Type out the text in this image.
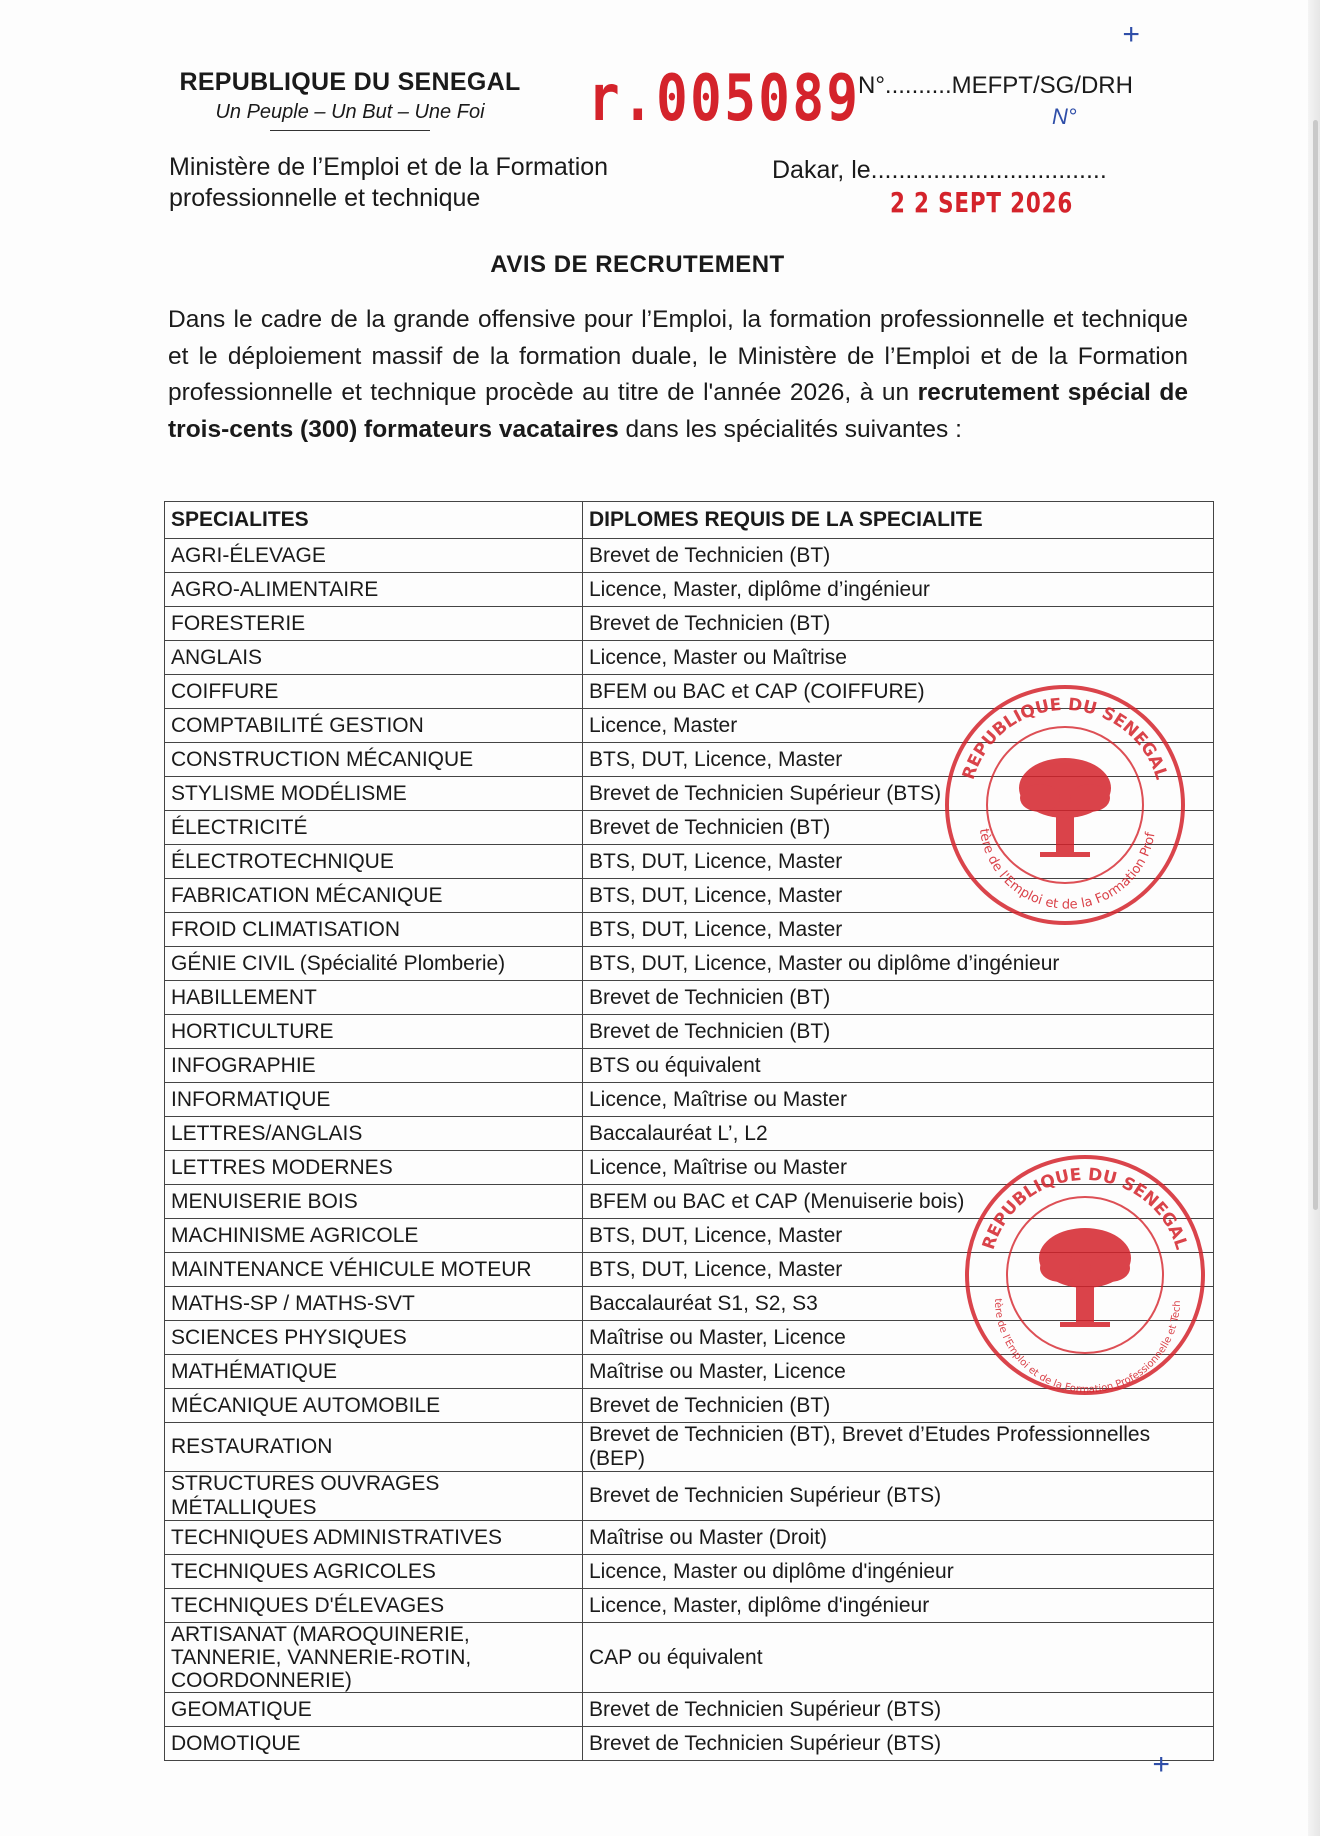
REPUBLIQUE DU SENEGAL
Un Peuple – Un But – Une Foi
Ministère de l’Emploi et de la Formation
professionnelle et technique
r.005089
N°..........MEFPT/SG/DRH
+
N°
Dakar, le..................................
2 2 SEPT 2026
AVIS DE RECRUTEMENT
Dans le cadre de la grande offensive pour l’Emploi, la formation professionnelle et technique et le déploiement massif de la formation duale, le Ministère de l’Emploi et de la Formation professionnelle et technique procède au titre de l'année 2026, à un recrutement spécial de trois-cents (300) formateurs vacataires dans les spécialités suivantes :
SPECIALITES	DIPLOMES REQUIS DE LA SPECIALITE
AGRI-ÉLEVAGE	Brevet de Technicien (BT)
AGRO-ALIMENTAIRE	Licence, Master, diplôme d’ingénieur
FORESTERIE	Brevet de Technicien (BT)
ANGLAIS	Licence, Master ou Maîtrise
COIFFURE	BFEM ou BAC et CAP (COIFFURE)
COMPTABILITÉ GESTION	Licence, Master
CONSTRUCTION MÉCANIQUE	BTS, DUT, Licence, Master
STYLISME MODÉLISME	Brevet de Technicien Supérieur (BTS)
ÉLECTRICITÉ	Brevet de Technicien (BT)
ÉLECTROTECHNIQUE	BTS, DUT, Licence, Master
FABRICATION MÉCANIQUE	BTS, DUT, Licence, Master
FROID CLIMATISATION	BTS, DUT, Licence, Master
GÉNIE CIVIL (Spécialité Plomberie)	BTS, DUT, Licence, Master ou diplôme d’ingénieur
HABILLEMENT	Brevet de Technicien (BT)
HORTICULTURE	Brevet de Technicien (BT)
INFOGRAPHIE	BTS ou équivalent
INFORMATIQUE	Licence, Maîtrise ou Master
LETTRES/ANGLAIS	Baccalauréat L’, L2
LETTRES MODERNES	Licence, Maîtrise ou Master
MENUISERIE BOIS	BFEM ou BAC et CAP (Menuiserie bois)
MACHINISME AGRICOLE	BTS, DUT, Licence, Master
MAINTENANCE VÉHICULE MOTEUR	BTS, DUT, Licence, Master
MATHS-SP / MATHS-SVT	Baccalauréat S1, S2, S3
SCIENCES PHYSIQUES	Maîtrise ou Master, Licence
MATHÉMATIQUE	Maîtrise ou Master, Licence
MÉCANIQUE AUTOMOBILE	Brevet de Technicien (BT)
RESTAURATION	Brevet de Technicien (BT), Brevet d’Etudes Professionnelles (BEP)
STRUCTURES OUVRAGES MÉTALLIQUES	Brevet de Technicien Supérieur (BTS)
TECHNIQUES ADMINISTRATIVES	Maîtrise ou Master (Droit)
TECHNIQUES AGRICOLES	Licence, Master ou diplôme d'ingénieur
TECHNIQUES D'ÉLEVAGES	Licence, Master, diplôme d'ingénieur
ARTISANAT (MAROQUINERIE, TANNERIE, VANNERIE-ROTIN, COORDONNERIE)	CAP ou équivalent
GEOMATIQUE	Brevet de Technicien Supérieur (BTS)
DOMOTIQUE	Brevet de Technicien Supérieur (BTS)
REPUBLIQUE DU SENEGAL
tère de l'Emploi et de la Formation Prof
REPUBLIQUE DU SENEGAL
tère de l'Emploi et de la Formation Professionnelle et Tech
+
